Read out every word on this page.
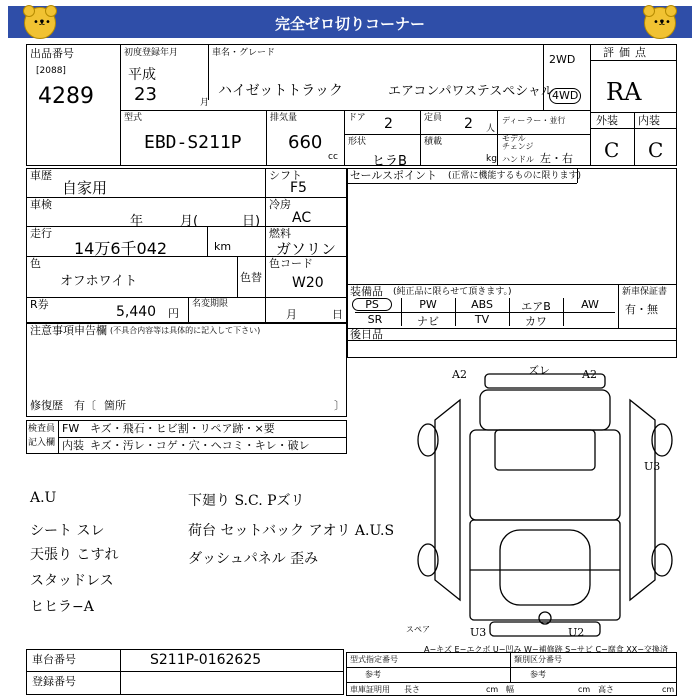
•ᴥ•	完全ゼロ切りコーナー	•ᴥ•
出品番号
[2088]
4289
初度登録年月
平成
23	月
車名・グレード
ハイゼットトラック	エアコンパワステスペシャル
2WD
4WD
評価点
RA
外装 内装
C C
型式
EBD-S211P
排気量
660
cc
ドア 2	定員 2 人
ディーラー・並行
モデル
チェンジ
形状
ヒラB
積載
kg ハンドル 左・右
車歴
自家用
シフト
F5
車検
年	月(	日)
冷房
AC
走行
14万6千042	km
燃料
ガソリン
色
オフホワイト	色替
色コード
W20
R券	5,440 円
名変期限
月	日
セールスポイント (正常に機能するものに限ります)
装備品 (純正品に限らせて頂きます。)	新車保証書
有・無
PS	PW	ABS	エアB	AW
SR	ナビ	TV	カワ
後日品
注意事項申告欄 (不具合内容等は具体的に記入して下さい)
修復歴 有〔 箇所	〕
検査員
記入欄
FW キズ・飛石・ヒビ割・リペア跡・×要
内装 キズ・汚レ・コゲ・穴・ヘコミ・キレ・破レ
A.U
シート スレ
天張り こすれ
スタッドレス
ヒヒラ−A
下廻り S.C. Pズリ
荷台 セットバック アオリ A.U.S
ダッシュパネル 歪み
A2	ズレ	A2
U3
U3	U2
スペア
A−キズ E−エクボ U−凹み W−補修跡 S−サビ C−腐食 XX−交換済
車台番号	S211P-0162625
登録番号
型式指定番号	類別区分番号
参考	参考
車庫証明用 長さ	cm 幅	cm 高さ	cm
